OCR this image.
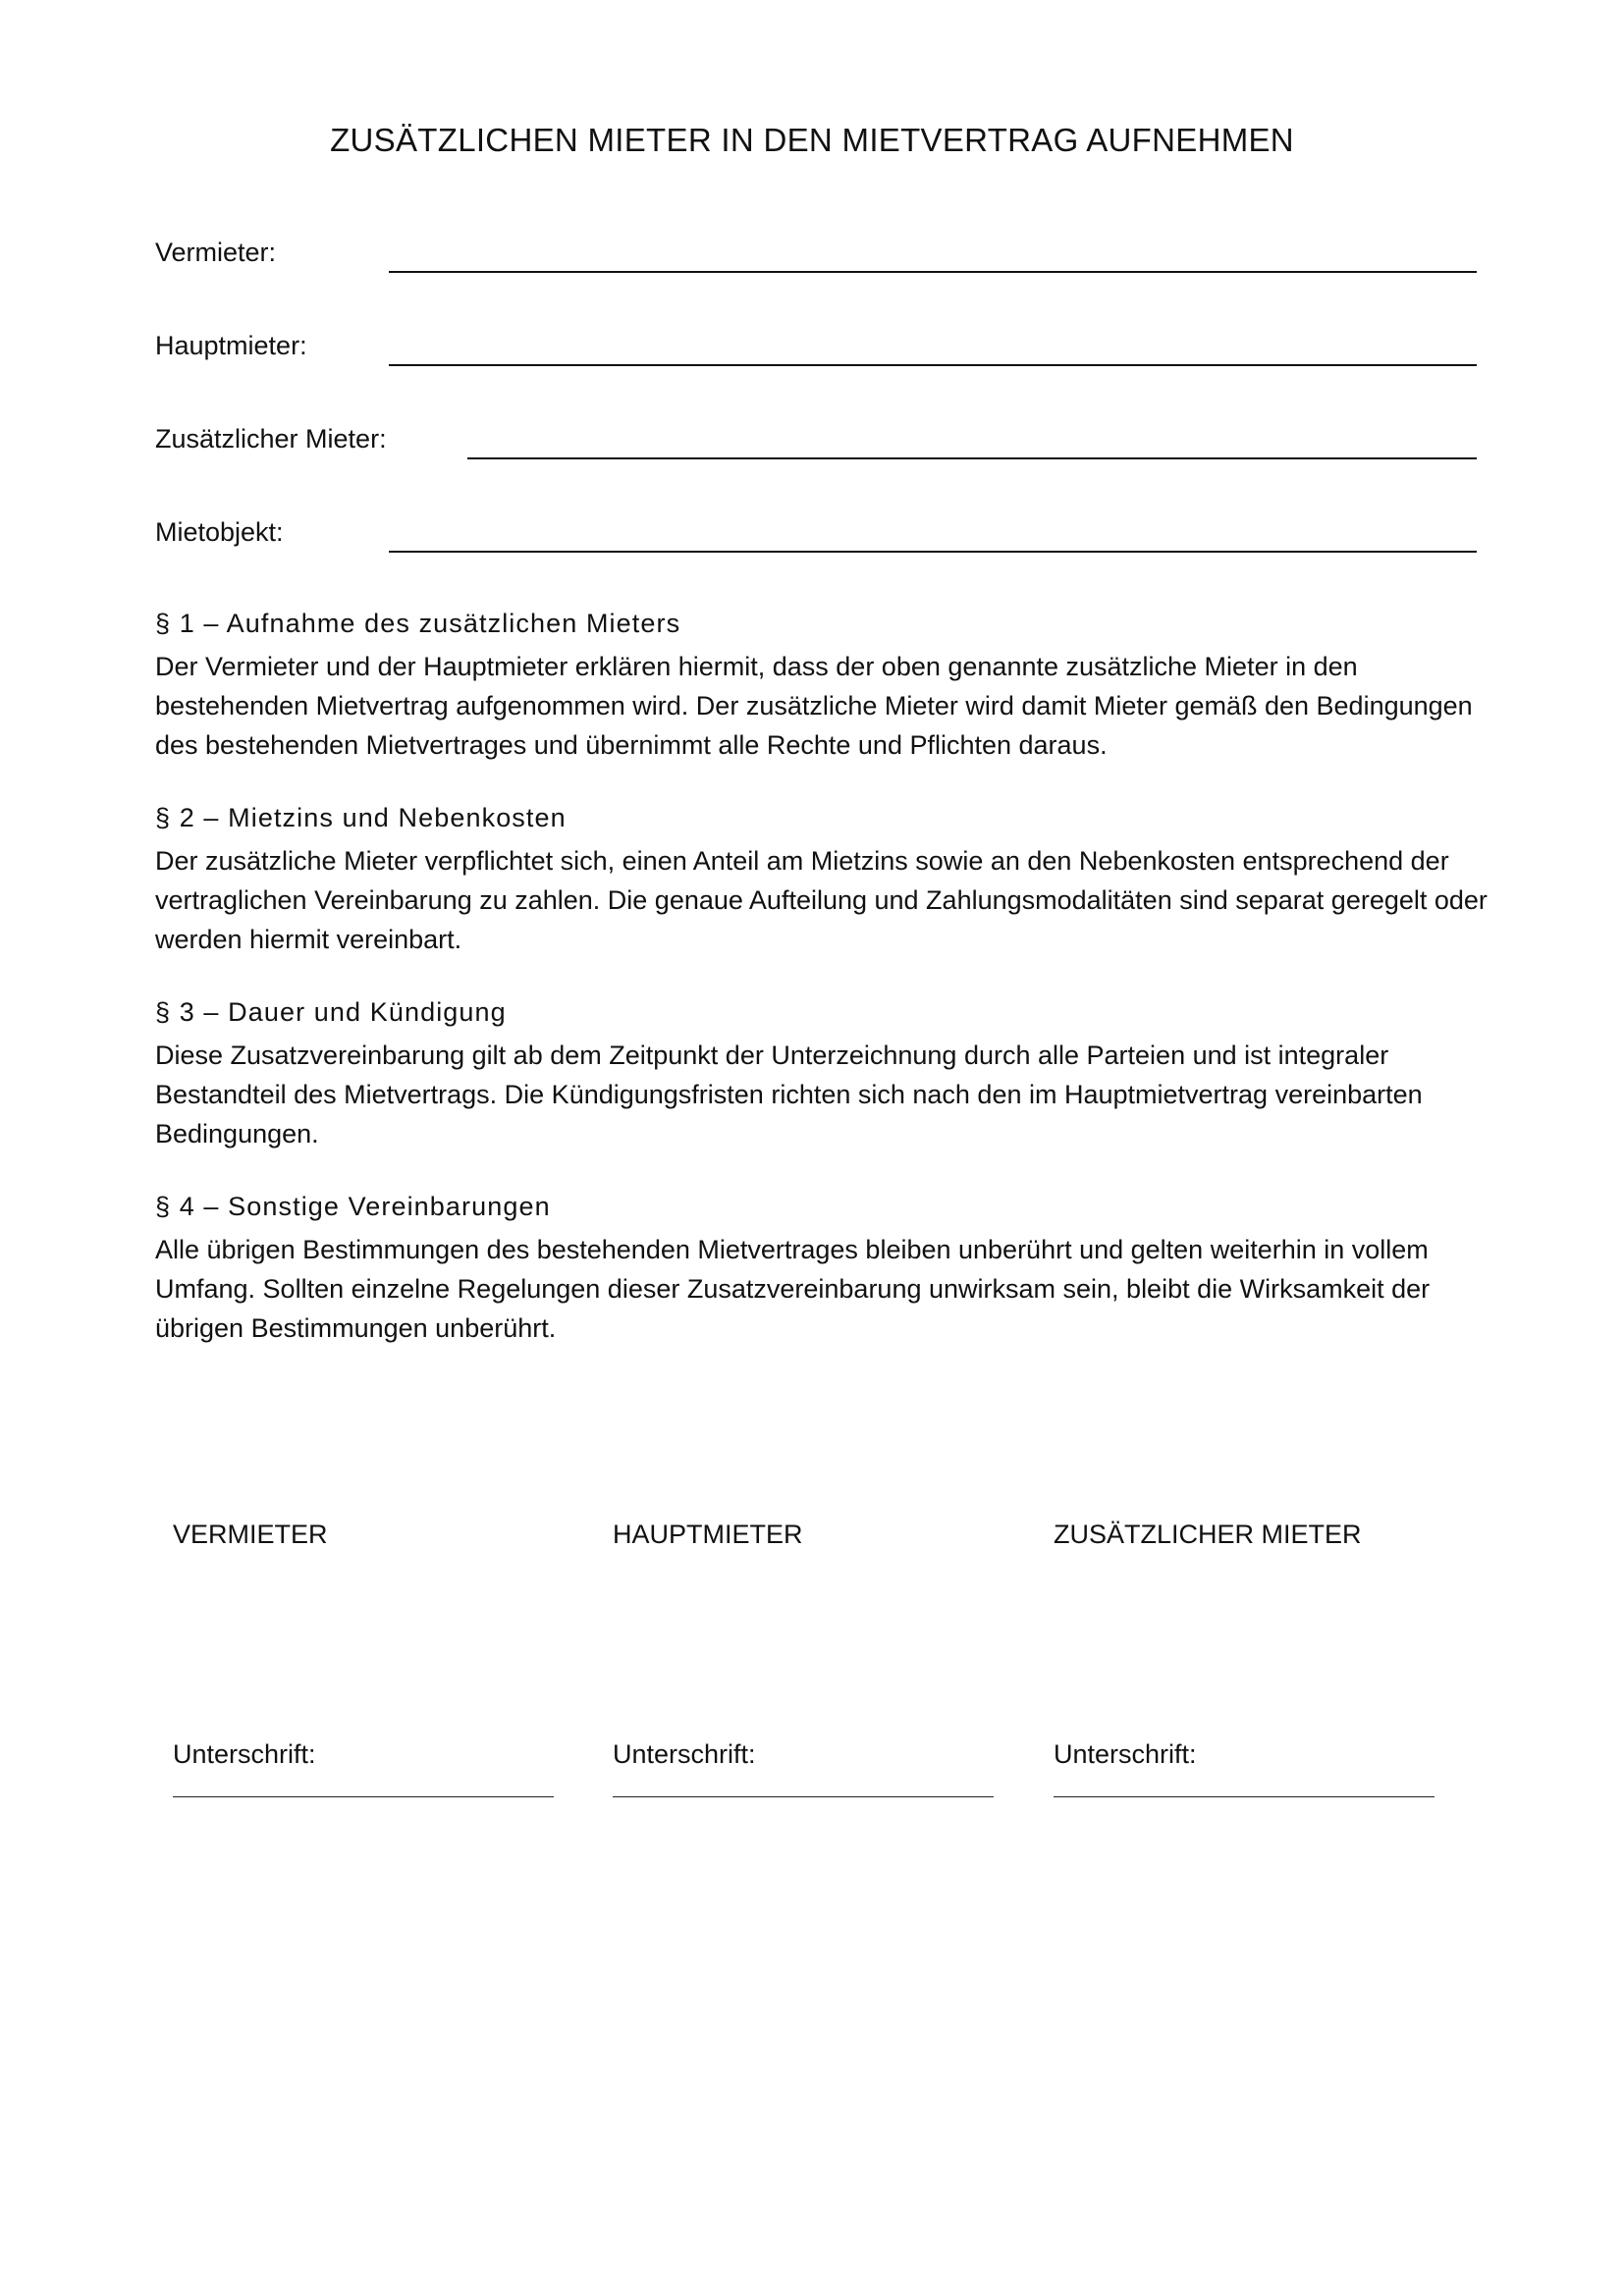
ZUSÄTZLICHEN MIETER IN DEN MIETVERTRAG AUFNEHMEN
Vermieter:
Hauptmieter:
Zusätzlicher Mieter:
Mietobjekt:
§ 1 – Aufnahme des zusätzlichen Mieters

Der Vermieter und der Hauptmieter erklären hiermit, dass der oben genannte zusätzliche Mieter in den bestehenden Mietvertrag aufgenommen wird. Der zusätzliche Mieter wird damit Mieter gemäß den Bedingungen des bestehenden Mietvertrages und übernimmt alle Rechte und Pflichten daraus.

§ 2 – Mietzins und Nebenkosten

Der zusätzliche Mieter verpflichtet sich, einen Anteil am Mietzins sowie an den Nebenkosten entsprechend der vertraglichen Vereinbarung zu zahlen. Die genaue Aufteilung und Zahlungsmodalitäten sind separat geregelt oder werden hiermit vereinbart.

§ 3 – Dauer und Kündigung

Diese Zusatzvereinbarung gilt ab dem Zeitpunkt der Unterzeichnung durch alle Parteien und ist integraler Bestandteil des Mietvertrags. Die Kündigungsfristen richten sich nach den im Hauptmietvertrag vereinbarten Bedingungen.

§ 4 – Sonstige Vereinbarungen

Alle übrigen Bestimmungen des bestehenden Mietvertrages bleiben unberührt und gelten weiterhin in vollem Umfang. Sollten einzelne Regelungen dieser Zusatzvereinbarung unwirksam sein, bleibt die Wirksamkeit der übrigen Bestimmungen unberührt.

VERMIETER
Unterschrift:
HAUPTMIETER
Unterschrift:
ZUSÄTZLICHER MIETER
Unterschrift:
